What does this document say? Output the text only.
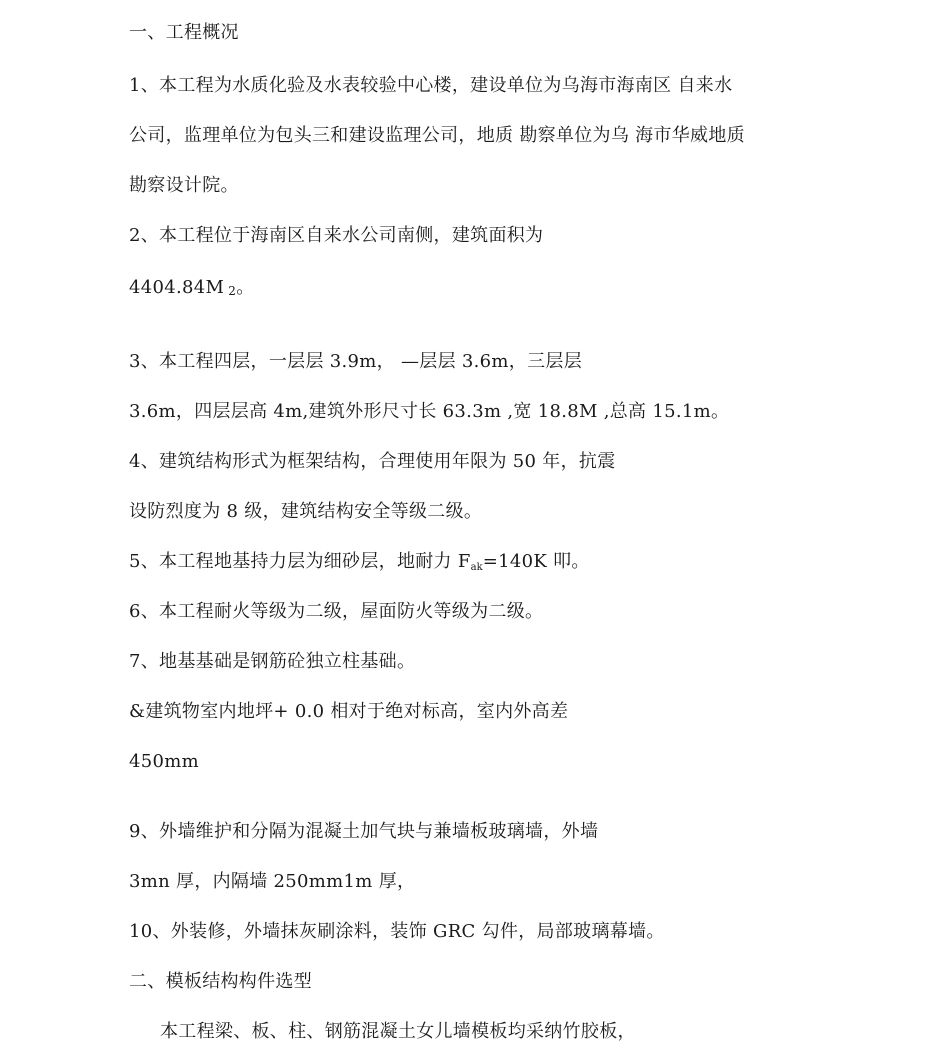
一、工程概况
1、本工程为水质化验及水表较验中心楼，建设单位为乌海市海南区 自来水
公司，监理单位为包头三和建设监理公司，地质 勘察单位为乌 海市华威地质
勘察设计院。
2、本工程位于海南区自来水公司南侧，建筑面积为
4404.84M 2。
3、本工程四层，一层层 3.9m， —层层 3.6m，三层层
3.6m，四层层高 4m,建筑外形尺寸长 63.3m ,宽 18.8M ,总高 15.1m。
4、建筑结构形式为框架结构，合理使用年限为 50 年，抗震
设防烈度为 8 级，建筑结构安全等级二级。
5、本工程地基持力层为细砂层，地耐力 $F_{ak}=140K$ 叩。
6、本工程耐火等级为二级，屋面防火等级为二级。
7、地基基础是钢筋砼独立柱基础。
&建筑物室内地坪+ 0.0 相对于绝对标高，室内外高差
450mm
9、外墙维护和分隔为混凝土加气块与兼墙板玻璃墙，外墙
3mn 厚，内隔墙 250mm1m 厚，
10、外装修，外墙抹灰刷涂料，装饰 GRC 勾件，局部玻璃幕墙。
二、模板结构构件选型
本工程梁、板、柱、钢筋混凝土女儿墙模板均采纳竹胶板，
